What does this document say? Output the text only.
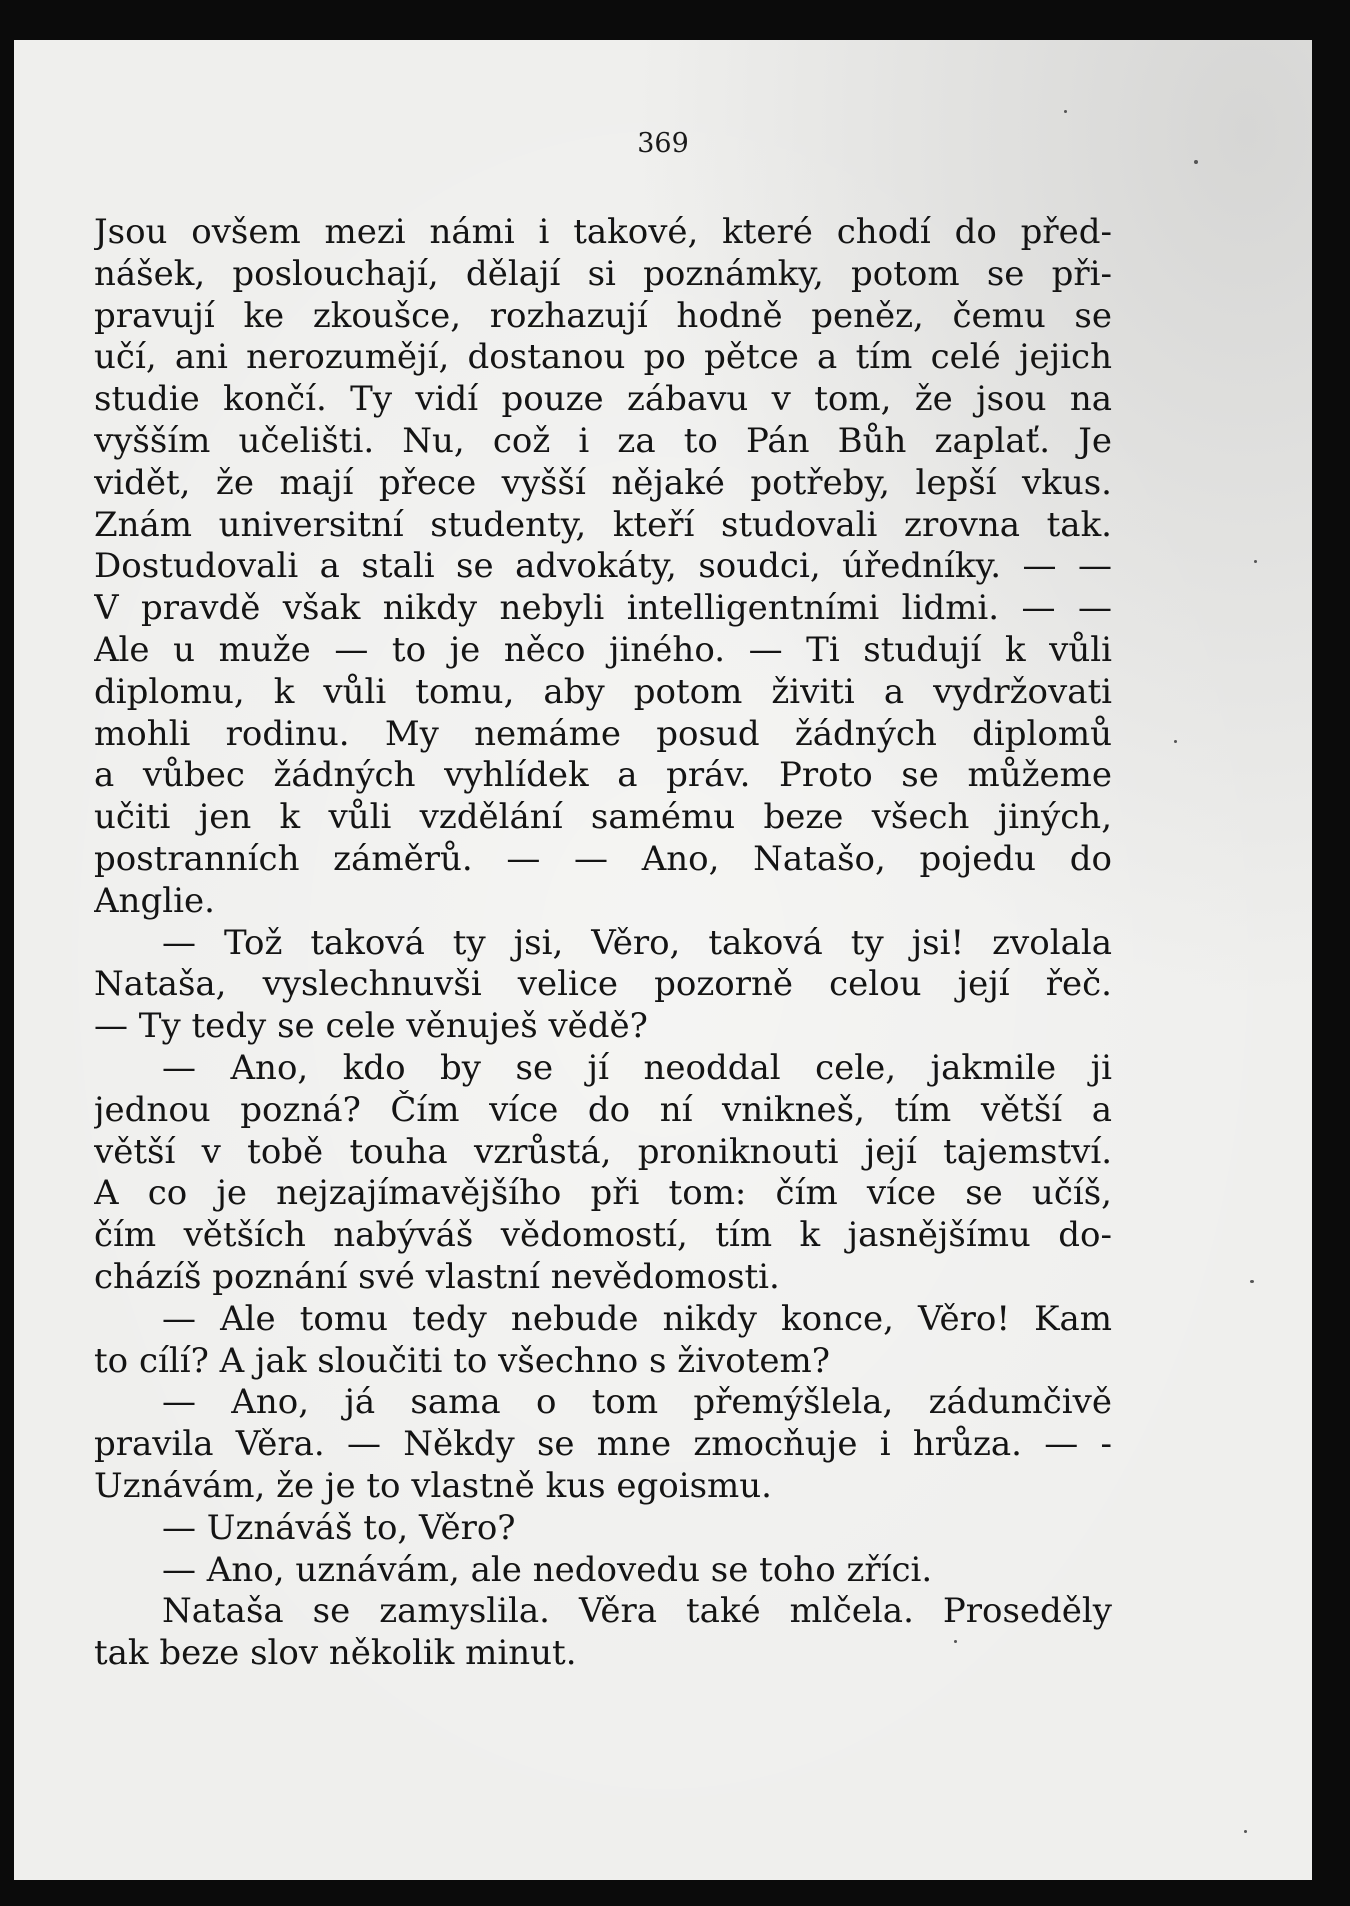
369
Jsou ovšem mezi námi i takové, které chodí do před-
nášek, poslouchají, dělají si poznámky, potom se při-
pravují ke zkoušce, rozhazují hodně peněz, čemu se
učí, ani nerozumějí, dostanou po pětce a tím celé jejich
studie končí. Ty vidí pouze zábavu v tom, že jsou na
vyšším učelišti. Nu, což i za to Pán Bůh zaplať. Je
vidět, že mají přece vyšší nějaké potřeby, lepší vkus.
Znám universitní studenty, kteří studovali zrovna tak.
Dostudovali a stali se advokáty, soudci, úředníky. — —
V pravdě však nikdy nebyli intelligentními lidmi. — —
Ale u muže — to je něco jiného. — Ti studují k vůli
diplomu, k vůli tomu, aby potom živiti a vydržovati
mohli rodinu. My nemáme posud žádných diplomů
a vůbec žádných vyhlídek a práv. Proto se můžeme
učiti jen k vůli vzdělání samému beze všech jiných,
postranních záměrů. — — Ano, Natašo, pojedu do
Anglie.
— Tož taková ty jsi, Věro, taková ty jsi! zvolala
Nataša, vyslechnuvši velice pozorně celou její řeč.
— Ty tedy se cele věnuješ vědě?
— Ano, kdo by se jí neoddal cele, jakmile ji
jednou pozná? Čím více do ní vnikneš, tím větší a
větší v tobě touha vzrůstá, proniknouti její tajemství.
A co je nejzajímavějšího při tom: čím více se učíš,
čím větších nabýváš vědomostí, tím k jasnějšímu do-
cházíš poznání své vlastní nevědomosti.
— Ale tomu tedy nebude nikdy konce, Věro! Kam
to cílí? A jak sloučiti to všechno s životem?
— Ano, já sama o tom přemýšlela, zádumčivě
pravila Věra. — Někdy se mne zmocňuje i hrůza. — -
Uznávám, že je to vlastně kus egoismu.
— Uznáváš to, Věro?
— Ano, uznávám, ale nedovedu se toho zříci.
Nataša se zamyslila. Věra také mlčela. Proseděly
tak beze slov několik minut.
